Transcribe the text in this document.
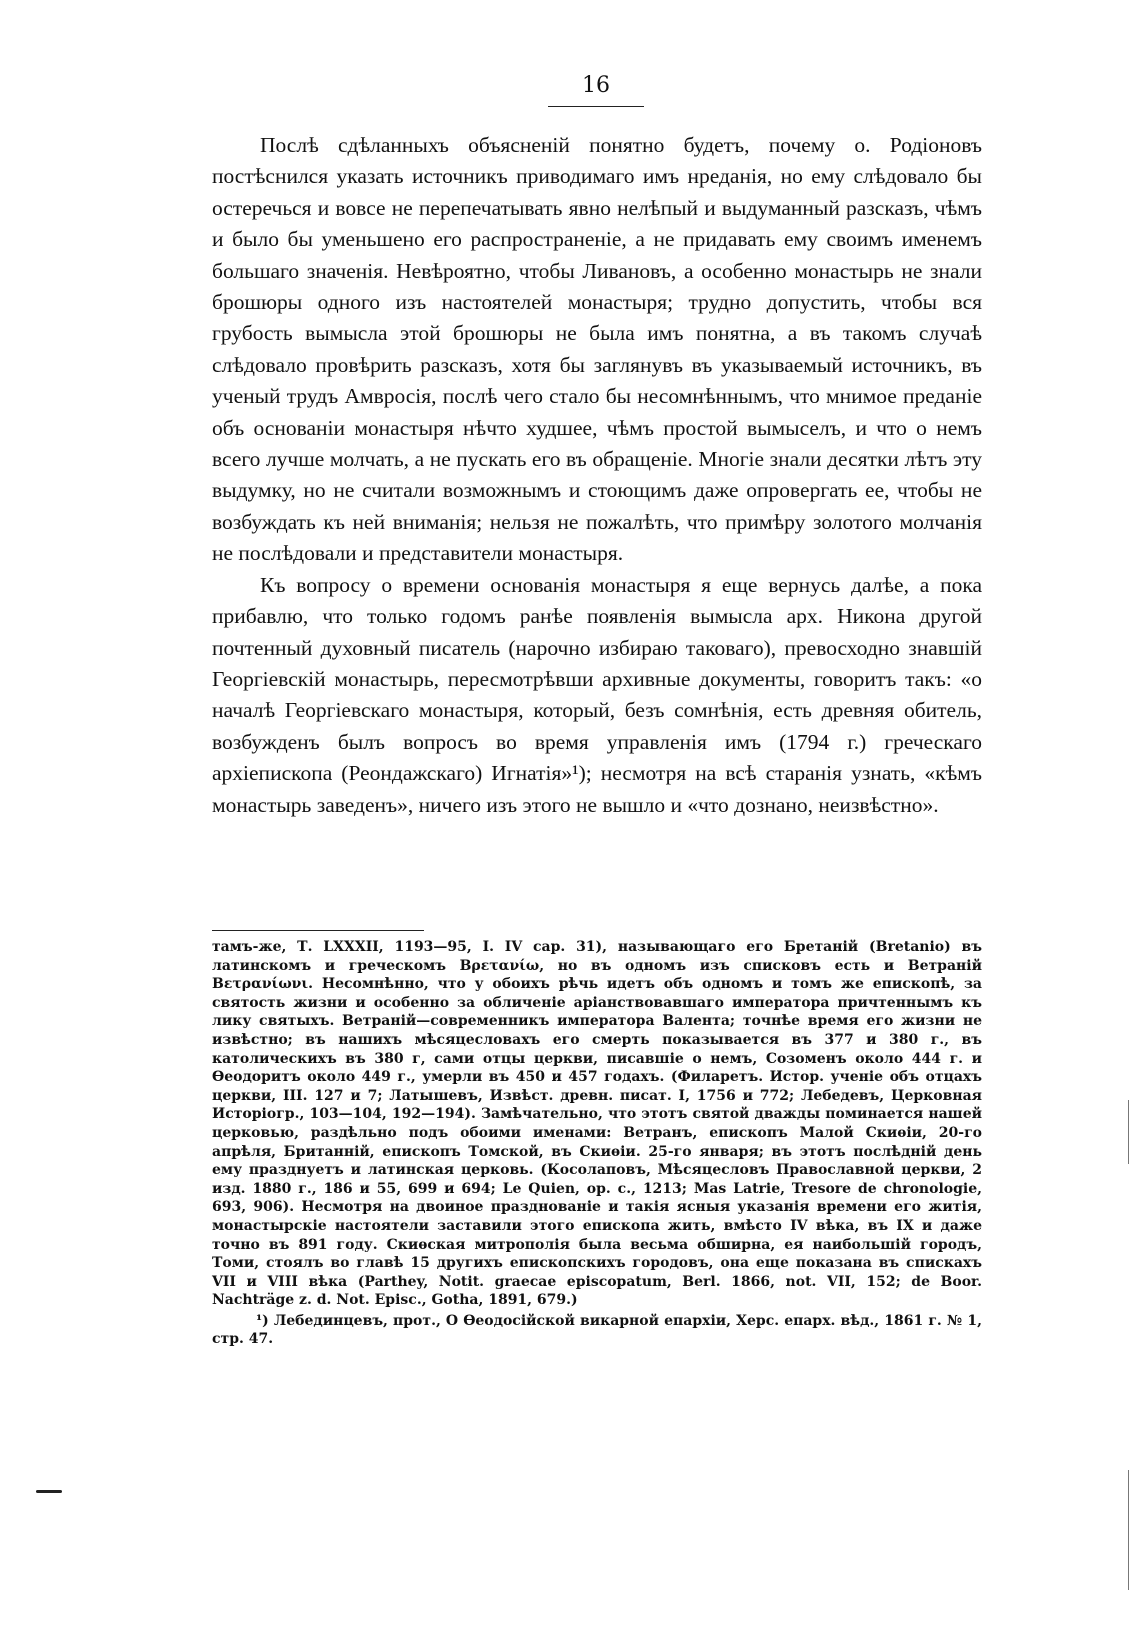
16

Послѣ сдѣланныхъ объясненій понятно будетъ, почему о. Родіоновъ постѣснился указать источникъ приводимаго имъ нреданія, но ему слѣдовало бы остеречься и вовсе не перепечатывать явно нелѣпый и выдуманный разсказъ, чѣмъ и было бы уменьшено его распространеніе, а не придавать ему своимъ именемъ большаго значенія. Невѣроятно, чтобы Ливановъ, а особенно монастырь не знали брошюры одного изъ настоятелей монастыря; трудно допустить, чтобы вся грубость вымысла этой брошюры не была имъ понятна, а въ такомъ случаѣ слѣдовало провѣрить разсказъ, хотя бы заглянувъ въ указываемый источникъ, въ ученый трудъ Амвросія, послѣ чего стало бы несомнѣннымъ, что мнимое преданіе объ основаніи монастыря нѣчто худшее, чѣмъ простой вымыселъ, и что о немъ всего лучше молчать, а не пускать его въ обращеніе. Многіе знали десятки лѣтъ эту выдумку, но не считали возможнымъ и стоющимъ даже опровергать ее, чтобы не возбуждать къ ней вниманія; нельзя не пожалѣть, что примѣру золотого молчанія не послѣдовали и представители монастыря.

Къ вопросу о времени основанія монастыря я еще вернусь далѣе, а пока прибавлю, что только годомъ ранѣе появленія вымысла арх. Никона другой почтенный духовный писатель (нарочно избираю таковаго), превосходно знавшій Георгіевскій монастырь, пересмотрѣвши архивные документы, говоритъ такъ: «о началѣ Георгіевскаго монастыря, который, безъ сомнѣнія, есть древняя обитель, возбужденъ былъ вопросъ во время управленія имъ (1794 г.) греческаго архіепископа (Реондажскаго) Игнатія»¹); несмотря на всѣ старанія узнать, «кѣмъ монастырь заведенъ», ничего изъ этого не вышло и «что дознано, неизвѣстно».

тамъ-же, Т. LXXXII, 1193—95, I. IV сар. 31), называющаго его Бретаній (Bretanio) въ латинскомъ и греческомъ Βρετανίω, но въ одномъ изъ списковъ есть и Ветраній Βετρανίωνι. Несомнѣнно, что у обоихъ рѣчь идетъ объ одномъ и томъ же епископѣ, за святость жизни и особенно за обличеніе аріанствовавшаго императора причтеннымъ къ лику святыхъ. Ветраній—современникъ императора Валента; точнѣе время его жизни не извѣстно; въ нашихъ мѣсяцесловахъ его смерть показывается въ 377 и 380 г., въ католическихъ въ 380 г, сами отцы церкви, писавшіе о немъ, Созоменъ около 444 г. и Ѳеодоритъ около 449 г., умерли въ 450 и 457 годахъ. (Филаретъ. Истор. ученіе объ отцахъ церкви, III. 127 и 7; Латышевъ, Извѣст. древн. писат. I, 1756 и 772; Лебедевъ, Церковная Исторіогр., 103—104, 192—194). Замѣчательно, что этотъ святой дважды поминается нашей церковью, раздѣльно подъ обоими именами: Ветранъ, епископъ Малой Скиѳіи, 20-го апрѣля, Британній, епископъ Томской, въ Скиѳіи. 25-го января; въ этотъ послѣдній день ему празднуетъ и латинская церковь. (Косолаповъ, Мѣсяцесловъ Православной церкви, 2 изд. 1880 г., 186 и 55, 699 и 694; Le Quien, op. c., 1213; Mas Latrie, Tresore de chronologie, 693, 906). Несмотря на двоиное празднованіе и такія ясныя указанія времени его житія, монастырскіе настоятели заставили этого епископа жить, вмѣсто IV вѣка, въ IX и даже точно въ 891 году. Скиѳская митрополія была весьма обширна, ея наибольшій городъ, Томи, стоялъ во главѣ 15 другихъ епископскихъ городовъ, она еще показана въ спискахъ VII и VIII вѣка (Parthey, Notit. graecae episcopatum, Berl. 1866, not. VII, 152; de Boor. Nachträge z. d. Not. Episc., Gotha, 1891, 679.)

¹) Лебединцевъ, прот., О Ѳеодосійской викарной епархіи, Херс. епарх. вѣд., 1861 г. № 1, стр. 47.
